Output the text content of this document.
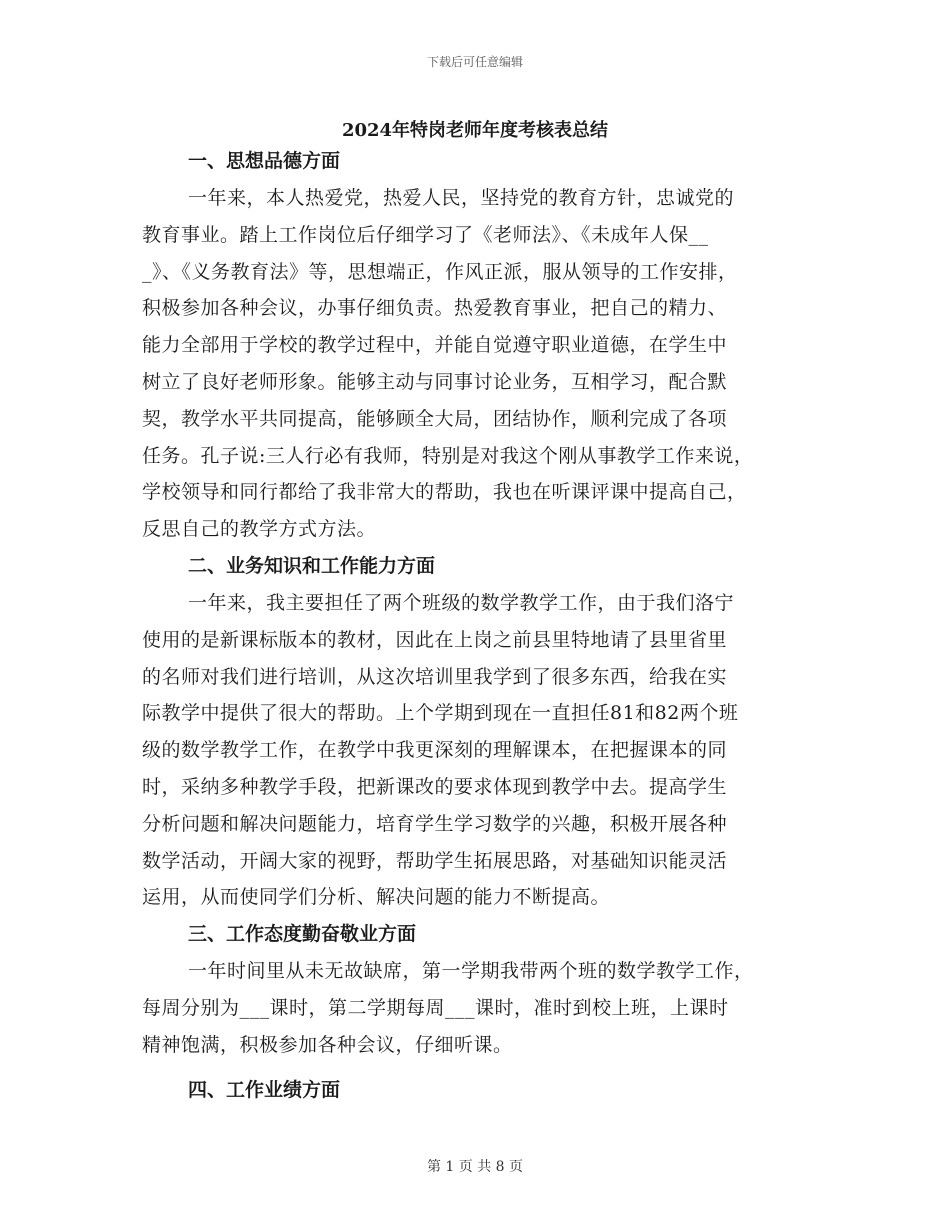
下载后可任意编辑
2024年特岗老师年度考核表总结
一、思想品德方面
一年来，本人热爱党，热爱人民，坚持党的教育方针，忠诚党的
教育事业。踏上工作岗位后仔细学习了《老师法》、《未成年人保__
_》、《义务教育法》等，思想端正，作风正派，服从领导的工作安排，
积极参加各种会议，办事仔细负责。热爱教育事业，把自己的精力、
能力全部用于学校的教学过程中，并能自觉遵守职业道德，在学生中
树立了良好老师形象。能够主动与同事讨论业务，互相学习，配合默
契，教学水平共同提高，能够顾全大局，团结协作，顺利完成了各项
任务。孔子说:三人行必有我师，特别是对我这个刚从事教学工作来说，
学校领导和同行都给了我非常大的帮助，我也在听课评课中提高自己，
反思自己的教学方式方法。
二、业务知识和工作能力方面
一年来，我主要担任了两个班级的数学教学工作，由于我们洛宁
使用的是新课标版本的教材，因此在上岗之前县里特地请了县里省里
的名师对我们进行培训，从这次培训里我学到了很多东西，给我在实
际教学中提供了很大的帮助。上个学期到现在一直担任81和82两个班
级的数学教学工作，在教学中我更深刻的理解课本，在把握课本的同
时，采纳多种教学手段，把新课改的要求体现到教学中去。提高学生
分析问题和解决问题能力，培育学生学习数学的兴趣，积极开展各种
数学活动，开阔大家的视野，帮助学生拓展思路，对基础知识能灵活
运用，从而使同学们分析、解决问题的能力不断提高。
三、工作态度勤奋敬业方面
一年时间里从未无故缺席，第一学期我带两个班的数学教学工作，
每周分别为___课时，第二学期每周___课时，准时到校上班，上课时
精神饱满，积极参加各种会议，仔细听课。
四、工作业绩方面
第 1 页 共 8 页
